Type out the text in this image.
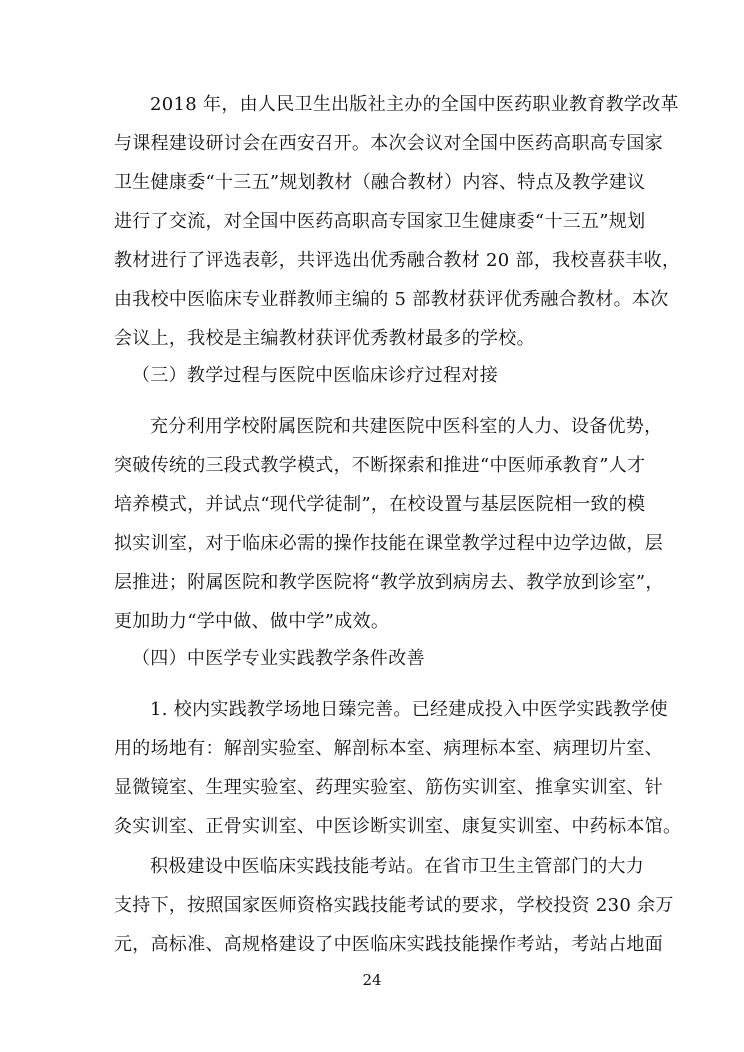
2018 年，由人民卫生出版社主办的全国中医药职业教育教学改革
与课程建设研讨会在西安召开。本次会议对全国中医药高职高专国家
卫生健康委“十三五”规划教材（融合教材）内容、特点及教学建议
进行了交流，对全国中医药高职高专国家卫生健康委“十三五”规划
教材进行了评选表彰，共评选出优秀融合教材 20 部，我校喜获丰收，
由我校中医临床专业群教师主编的 5 部教材获评优秀融合教材。本次
会议上，我校是主编教材获评优秀教材最多的学校。
（三）教学过程与医院中医临床诊疗过程对接
充分利用学校附属医院和共建医院中医科室的人力、设备优势，
突破传统的三段式教学模式，不断探索和推进“中医师承教育”人才
培养模式，并试点“现代学徒制”，在校设置与基层医院相一致的模
拟实训室，对于临床必需的操作技能在课堂教学过程中边学边做，层
层推进；附属医院和教学医院将“教学放到病房去、教学放到诊室”，
更加助力“学中做、做中学”成效。
（四）中医学专业实践教学条件改善
1. 校内实践教学场地日臻完善。已经建成投入中医学实践教学使
用的场地有：解剖实验室、解剖标本室、病理标本室、病理切片室、
显微镜室、生理实验室、药理实验室、筋伤实训室、推拿实训室、针
灸实训室、正骨实训室、中医诊断实训室、康复实训室、中药标本馆。
积极建设中医临床实践技能考站。在省市卫生主管部门的大力
支持下，按照国家医师资格实践技能考试的要求，学校投资 230 余万
元，高标准、高规格建设了中医临床实践技能操作考站，考站占地面
24
